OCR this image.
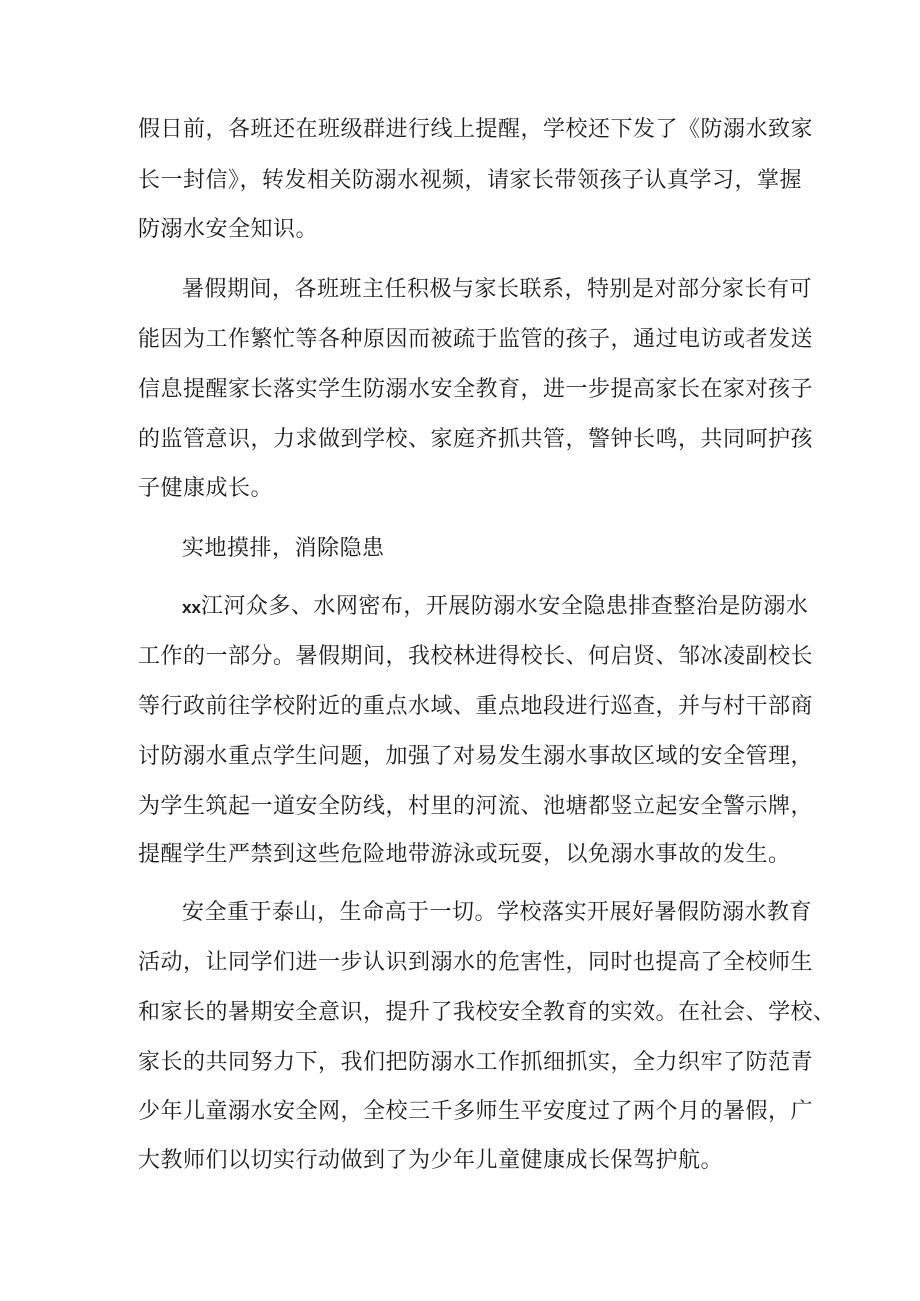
假日前，各班还在班级群进行线上提醒，学校还下发了《防溺水致家

长一封信》，转发相关防溺水视频，请家长带领孩子认真学习，掌握

防溺水安全知识。

暑假期间，各班班主任积极与家长联系，特别是对部分家长有可

能因为工作繁忙等各种原因而被疏于监管的孩子，通过电访或者发送

信息提醒家长落实学生防溺水安全教育，进一步提高家长在家对孩子

的监管意识，力求做到学校、家庭齐抓共管，警钟长鸣，共同呵护孩

子健康成长。

实地摸排，消除隐患

xx江河众多、水网密布，开展防溺水安全隐患排查整治是防溺水

工作的一部分。暑假期间，我校林进得校长、何启贤、邹冰凌副校长

等行政前往学校附近的重点水域、重点地段进行巡查，并与村干部商

讨防溺水重点学生问题，加强了对易发生溺水事故区域的安全管理，

为学生筑起一道安全防线，村里的河流、池塘都竖立起安全警示牌，

提醒学生严禁到这些危险地带游泳或玩耍，以免溺水事故的发生。

安全重于泰山，生命高于一切。学校落实开展好暑假防溺水教育

活动，让同学们进一步认识到溺水的危害性，同时也提高了全校师生

和家长的暑期安全意识，提升了我校安全教育的实效。在社会、学校、

家长的共同努力下，我们把防溺水工作抓细抓实，全力织牢了防范青

少年儿童溺水安全网，全校三千多师生平安度过了两个月的暑假，广

大教师们以切实行动做到了为少年儿童健康成长保驾护航。
